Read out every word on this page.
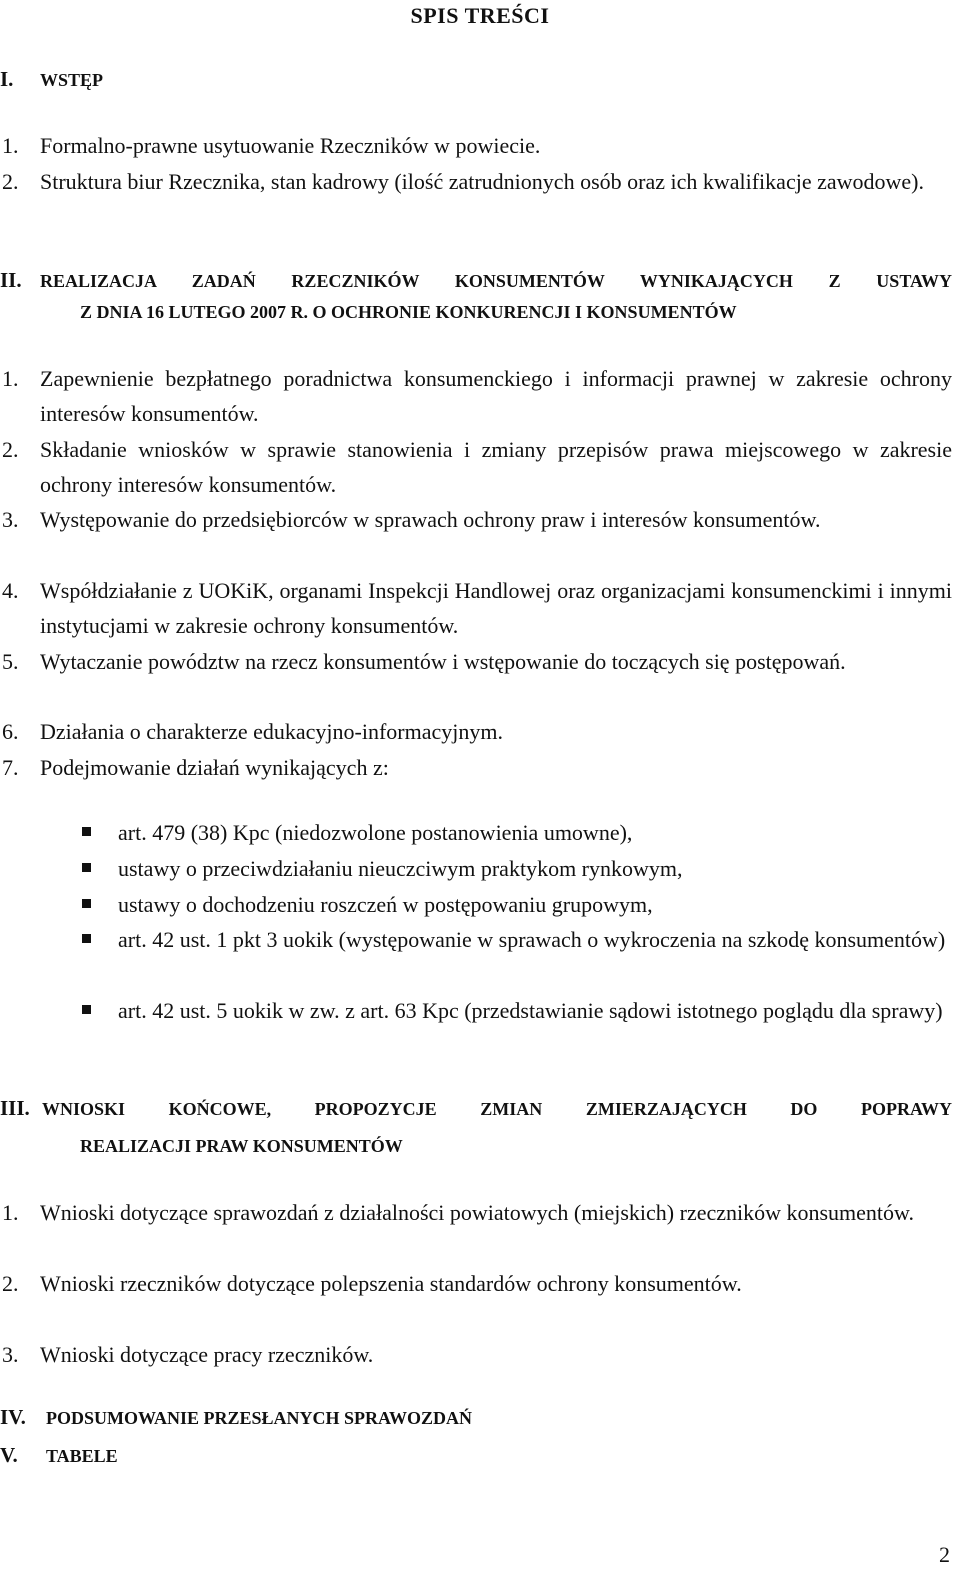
SPIS TREŚCI
I. WSTĘP
1. Formalno-prawne usytuowanie Rzeczników w powiecie.
2. Struktura biur Rzecznika, stan kadrowy (ilość zatrudnionych osób oraz ich kwalifikacje zawodowe).
II. REALIZACJA ZADAŃ RZECZNIKÓW KONSUMENTÓW WYNIKAJĄCYCH Z USTAWY
Z DNIA 16 LUTEGO 2007 R. O OCHRONIE KONKURENCJI I KONSUMENTÓW
1. Zapewnienie bezpłatnego poradnictwa konsumenckiego i informacji prawnej w zakresie ochrony interesów konsumentów.
2. Składanie wniosków w sprawie stanowienia i zmiany przepisów prawa miejscowego w zakresie ochrony interesów konsumentów.
3. Występowanie do przedsiębiorców w sprawach ochrony praw i interesów konsumentów.
4. Współdziałanie z UOKiK, organami Inspekcji Handlowej oraz organizacjami konsumenckimi i innymi instytucjami w zakresie ochrony konsumentów.
5. Wytaczanie powództw na rzecz konsumentów i wstępowanie do toczących się postępowań.
6. Działania o charakterze edukacyjno-informacyjnym.
7. Podejmowanie działań wynikających z:
art. 479 (38) Kpc (niedozwolone postanowienia umowne),
ustawy o przeciwdziałaniu nieuczciwym praktykom rynkowym,
ustawy o dochodzeniu roszczeń w postępowaniu grupowym,
art. 42 ust. 1 pkt 3 uokik (występowanie w sprawach o wykroczenia na szkodę konsumentów)
art. 42 ust. 5 uokik w zw. z art. 63 Kpc (przedstawianie sądowi istotnego poglądu dla sprawy)
III. WNIOSKI KOŃCOWE, PROPOZYCJE ZMIAN ZMIERZAJĄCYCH DO POPRAWY
REALIZACJI PRAW KONSUMENTÓW
1. Wnioski dotyczące sprawozdań z działalności powiatowych (miejskich) rzeczników konsumentów.
2. Wnioski rzeczników dotyczące polepszenia standardów ochrony konsumentów.
3. Wnioski dotyczące pracy rzeczników.
IV. PODSUMOWANIE PRZESŁANYCH SPRAWOZDAŃ
V. TABELE
2
